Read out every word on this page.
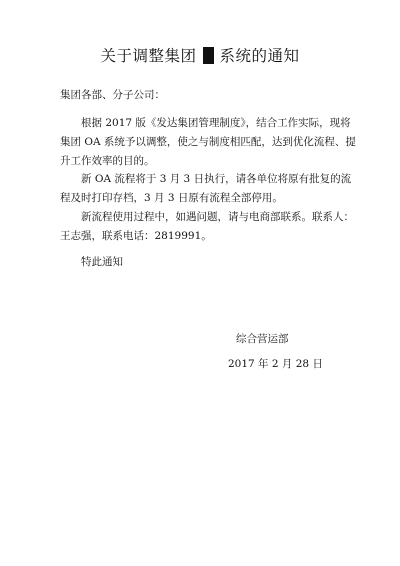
关于调整集团 系统的通知
集团各部、分子公司：
根据 2017 版《发达集团管理制度》，结合工作实际，现将集团 OA 系统予以调整，使之与制度相匹配，达到优化流程、提升工作效率的目的。
新 OA 流程将于 3 月 3 日执行，请各单位将原有批复的流程及时打印存档，3 月 3 日原有流程全部停用。
新流程使用过程中，如遇问题，请与电商部联系。联系人：王志强，联系电话：2819991。
特此通知
综合营运部
2017 年 2 月 28 日
